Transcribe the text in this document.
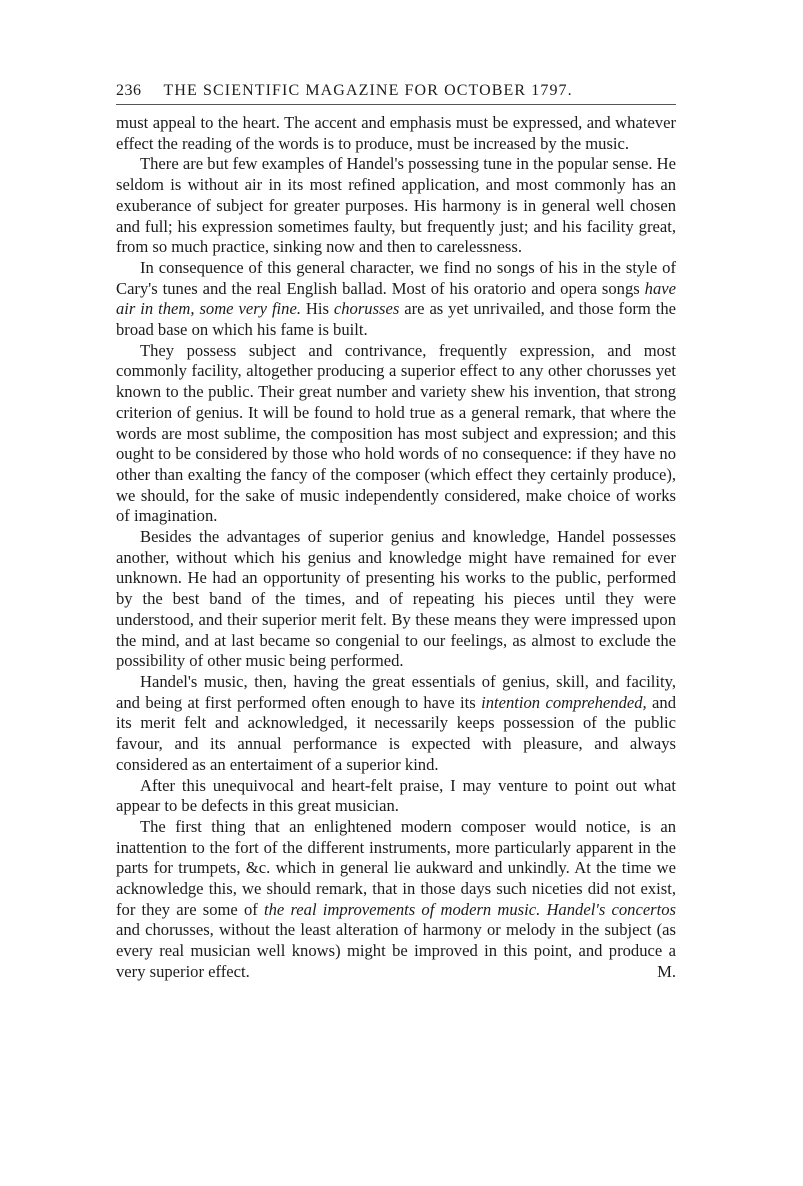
236 THE SCIENTIFIC MAGAZINE FOR OCTOBER 1797.

must appeal to the heart. The accent and emphasis must be expressed, and whatever effect the reading of the words is to produce, must be increased by the music.

There are but few examples of Handel's possessing tune in the popular sense. He seldom is without air in its most refined application, and most commonly has an exuberance of subject for greater purposes. His harmony is in general well chosen and full; his expression sometimes faulty, but frequently just; and his facility great, from so much practice, sinking now and then to carelessness.

In consequence of this general character, we find no songs of his in the style of Cary's tunes and the real English ballad. Most of his oratorio and opera songs have air in them, some very fine. His chorusses are as yet unrivailed, and those form the broad base on which his fame is built.

They possess subject and contrivance, frequently expression, and most commonly facility, altogether producing a superior effect to any other chorusses yet known to the public. Their great number and variety shew his invention, that strong criterion of genius. It will be found to hold true as a general remark, that where the words are most sublime, the composition has most subject and expression; and this ought to be considered by those who hold words of no consequence: if they have no other than exalting the fancy of the composer (which effect they certainly produce), we should, for the sake of music independently considered, make choice of works of imagination.

Besides the advantages of superior genius and knowledge, Handel possesses another, without which his genius and knowledge might have remained for ever unknown. He had an opportunity of presenting his works to the public, performed by the best band of the times, and of repeating his pieces until they were understood, and their superior merit felt. By these means they were impressed upon the mind, and at last became so congenial to our feelings, as almost to exclude the possibility of other music being performed.

Handel's music, then, having the great essentials of genius, skill, and facility, and being at first performed often enough to have its intention comprehended, and its merit felt and acknowledged, it necessarily keeps possession of the public favour, and its annual performance is expected with pleasure, and always considered as an entertaiment of a superior kind.

After this unequivocal and heart-felt praise, I may venture to point out what appear to be defects in this great musician.

The first thing that an enlightened modern composer would notice, is an inattention to the fort of the different instruments, more particularly apparent in the parts for trumpets, &c. which in general lie aukward and unkindly. At the time we acknowledge this, we should remark, that in those days such niceties did not exist, for they are some of the real improvements of modern music. Handel's concertos and chorusses, without the least alteration of harmony or melody in the subject (as every real musician well knows) might be improved in this point, and produce a very superior effect.	M.
